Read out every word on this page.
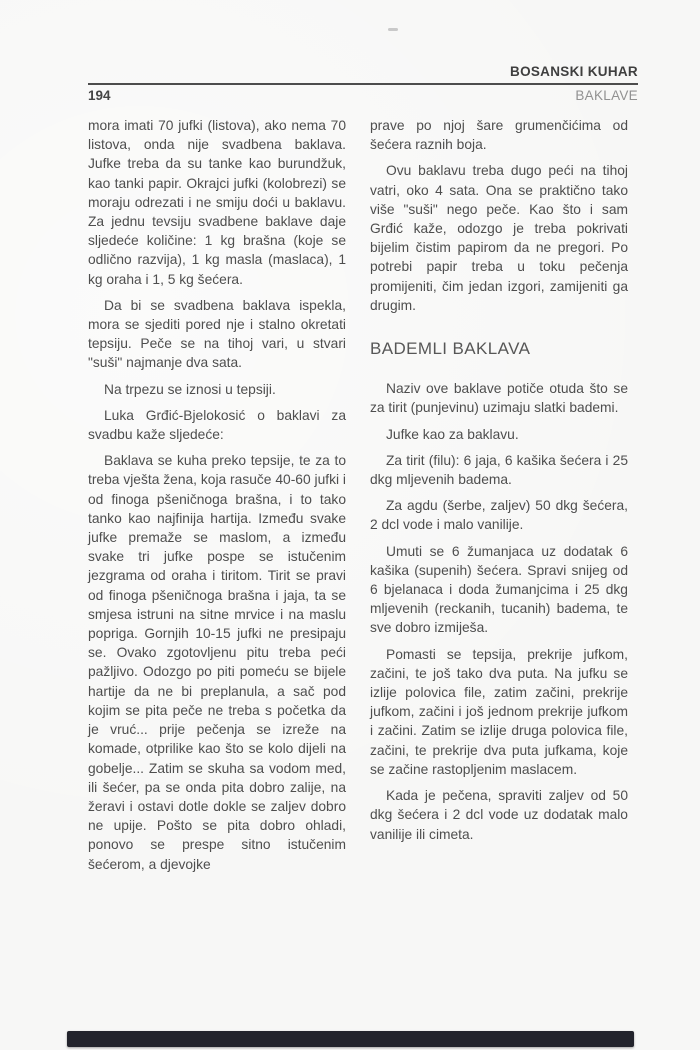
BOSANSKI KUHAR
194	BAKLAVE

mora imati 70 jufki (listova), ako nema 70 listova, onda nije svadbena baklava. Jufke treba da su tanke kao burundžuk, kao tanki papir. Okrajci jufki (kolobrezi) se moraju odrezati i ne smiju doći u baklavu. Za jednu tevsiju svadbene baklave daje sljedeće količine: 1 kg brašna (koje se odlično razvija), 1 kg masla (maslaca), 1 kg oraha i 1, 5 kg šećera.

Da bi se svadbena baklava ispekla, mora se sjediti pored nje i stalno okretati tepsiju. Peče se na tihoj vari, u stvari "suši" najmanje dva sata.

Na trpezu se iznosi u tepsiji.

Luka Grđić-Bjelokosić o baklavi za svadbu kaže sljedeće:

Baklava se kuha preko tepsije, te za to treba vješta žena, koja rasuče 40-60 jufki i od finoga pšeničnoga brašna, i to tako tanko kao najfinija hartija. Između svake jufke premaže se maslom, a između svake tri jufke pospe se istučenim jezgrama od oraha i tiritom. Tirit se pravi od finoga pšeničnoga brašna i jaja, ta se smjesa istruni na sitne mrvice i na maslu popriga. Gornjih 10-15 jufki ne presipaju se. Ovako zgotovljenu pitu treba peći pažljivo. Odozgo po piti pomeću se bijele hartije da ne bi preplanula, a sač pod kojim se pita peče ne treba s početka da je vruć... prije pečenja se izreže na komade, otprilike kao što se kolo dijeli na gobelje... Zatim se skuha sa vodom med, ili šećer, pa se onda pita dobro zalije, na žeravi i ostavi dotle dokle se zaljev dobro ne upije. Pošto se pita dobro ohladi, ponovo se prespe sitno istučenim šećerom, a djevojke

prave po njoj šare grumenčićima od šećera raznih boja.

Ovu baklavu treba dugo peći na tihoj vatri, oko 4 sata. Ona se praktično tako više "suši" nego peče. Kao što i sam Grđić kaže, odozgo je treba pokrivati bijelim čistim papirom da ne pregori. Po potrebi papir treba u toku pečenja promijeniti, čim jedan izgori, zamijeniti ga drugim.

BADEMLI BAKLAVA

Naziv ove baklave potiče otuda što se za tirit (punjevinu) uzimaju slatki bademi.

Jufke kao za baklavu.

Za tirit (filu): 6 jaja, 6 kašika šećera i 25 dkg mljevenih badema.

Za agdu (šerbe, zaljev) 50 dkg šećera, 2 dcl vode i malo vanilije.

Umuti se 6 žumanjaca uz dodatak 6 kašika (supenih) šećera. Spravi snijeg od 6 bjelanaca i doda žumanjcima i 25 dkg mljevenih (reckanih, tucanih) badema, te sve dobro izmiješa.

Pomasti se tepsija, prekrije jufkom, začini, te još tako dva puta. Na jufku se izlije polovica file, zatim začini, prekrije jufkom, začini i još jednom prekrije jufkom i začini. Zatim se izlije druga polovica file, začini, te prekrije dva puta jufkama, koje se začine rastopljenim maslacem.

Kada je pečena, spraviti zaljev od 50 dkg šećera i 2 dcl vode uz dodatak malo vanilije ili cimeta.
